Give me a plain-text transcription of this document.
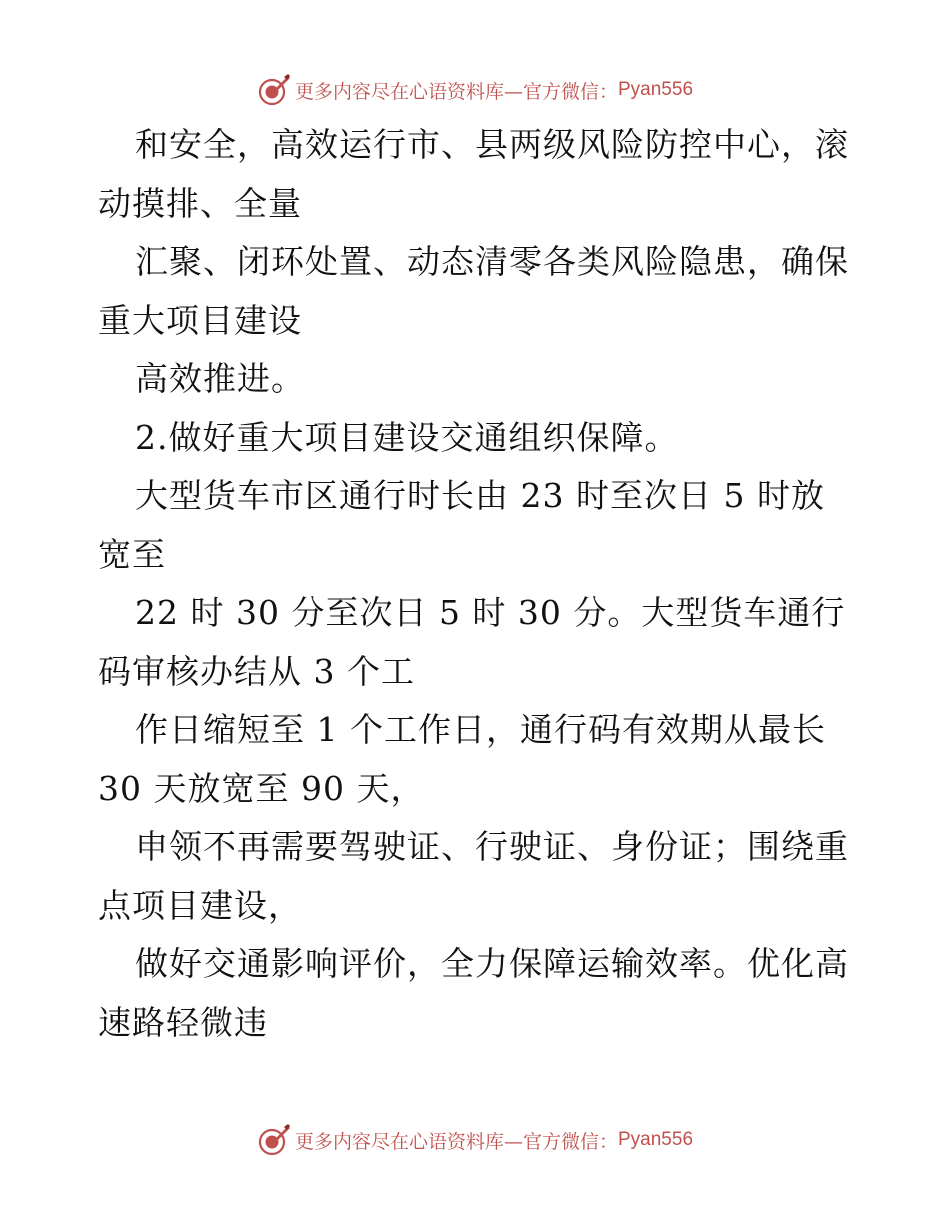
更多内容尽在心语资料库—官方微信： Pyan556

和安全，高效运行市、县两级风险防控中心，滚

动摸排、全量

汇聚、闭环处置、动态清零各类风险隐患，确保

重大项目建设

高效推进。

2.做好重大项目建设交通组织保障。

大型货车市区通行时长由 23 时至次日 5 时放

宽至

22 时 30 分至次日 5 时 30 分。大型货车通行

码审核办结从 3 个工

作日缩短至 1 个工作日，通行码有效期从最长

30 天放宽至 90 天，

申领不再需要驾驶证、行驶证、身份证；围绕重

点项目建设，

做好交通影响评价，全力保障运输效率。优化高

速路轻微违

更多内容尽在心语资料库—官方微信： Pyan556
